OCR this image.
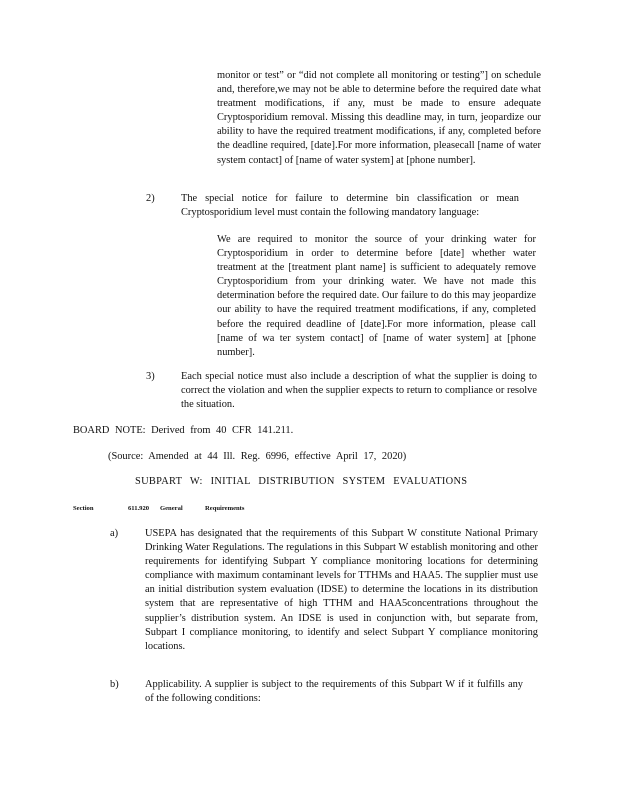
monitor or test” or “did not complete all monitoring or testing”] on schedule and, therefore,we may not be able to determine before the required date what treatment modifications, if any, must be made to ensure adequate Cryptosporidium removal. Missing this deadline may, in turn, jeopardize our ability to have the required treatment modifications, if any, completed before the deadline required, [date].For more information, pleasecall [name of water system contact] of [name of water system] at [phone number].

2)	The special notice for failure to determine bin classification or mean Cryptosporidium level must contain the following mandatory language:

We are required to monitor the source of your drinking water for Cryptosporidium in order to determine before [date] whether water treatment at the [treatment plant name] is sufficient to adequately remove Cryptosporidium from your drinking water. We have not made this determination before the required date. Our failure to do this may jeopardize our ability to have the required treatment modifications, if any, completed before the required deadline of [date].For more information, please call [name of wa ter system contact] of [name of water system] at [phone number].

3)	Each special notice must also include a description of what the supplier is doing to correct the violation and when the supplier expects to return to compliance or resolve the situation.

BOARD NOTE: Derived from 40 CFR 141.211.
(Source: Amended at 44 Ill. Reg. 6996, effective April 17, 2020)
SUBPART W: INITIAL DISTRIBUTION SYSTEM EVALUATIONS
Section	611.920 General	Requirements
a)	USEPA has designated that the requirements of this Subpart W constitute National Primary Drinking Water Regulations. The regulations in this Subpart W establish monitoring and other requirements for identifying Subpart Y compliance monitoring locations for determining compliance with maximum contaminant levels for TTHMs and HAA5. The supplier must use an initial distribution system evaluation (IDSE) to determine the locations in its distribution system that are representative of high TTHM and HAA5concentrations throughout the supplier’s distribution system. An IDSE is used in conjunction with, but separate from, Subpart I compliance monitoring, to identify and select Subpart Y compliance monitoring locations.

b)	Applicability. A supplier is subject to the requirements of this Subpart W if it fulfills any of the following conditions:
